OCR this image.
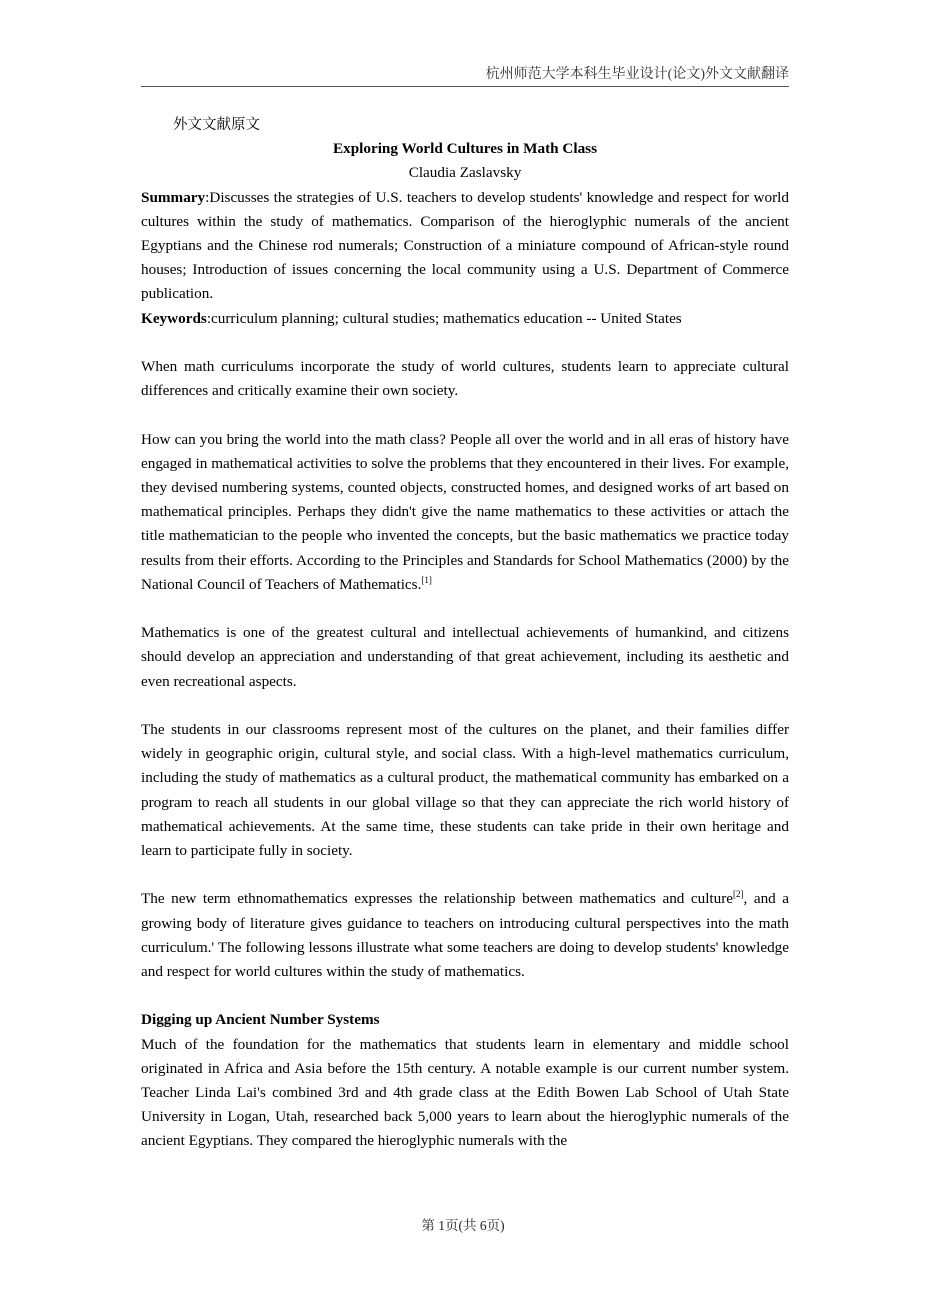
杭州师范大学本科生毕业设计(论文)外文文献翻译
外文文献原文
Exploring World Cultures in Math Class
Claudia Zaslavsky

Summary:Discusses the strategies of U.S. teachers to develop students' knowledge and respect for world cultures within the study of mathematics. Comparison of the hieroglyphic numerals of the ancient Egyptians and the Chinese rod numerals; Construction of a miniature compound of African-style round houses; Introduction of issues concerning the local community using a U.S. Department of Commerce publication.

Keywords:curriculum planning; cultural studies; mathematics education -- United States

When math curriculums incorporate the study of world cultures, students learn to appreciate cultural differences and critically examine their own society.

How can you bring the world into the math class? People all over the world and in all eras of history have engaged in mathematical activities to solve the problems that they encountered in their lives. For example, they devised numbering systems, counted objects, constructed homes, and designed works of art based on mathematical principles. Perhaps they didn't give the name mathematics to these activities or attach the title mathematician to the people who invented the concepts, but the basic mathematics we practice today results from their efforts. According to the Principles and Standards for School Mathematics (2000) by the National Council of Teachers of Mathematics.[1]

Mathematics is one of the greatest cultural and intellectual achievements of humankind, and citizens should develop an appreciation and understanding of that great achievement, including its aesthetic and even recreational aspects.

The students in our classrooms represent most of the cultures on the planet, and their families differ widely in geographic origin, cultural style, and social class. With a high-level mathematics curriculum, including the study of mathematics as a cultural product, the mathematical community has embarked on a program to reach all students in our global village so that they can appreciate the rich world history of mathematical achievements. At the same time, these students can take pride in their own heritage and learn to participate fully in society.

The new term ethnomathematics expresses the relationship between mathematics and culture[2], and a growing body of literature gives guidance to teachers on introducing cultural perspectives into the math curriculum.' The following lessons illustrate what some teachers are doing to develop students' knowledge and respect for world cultures within the study of mathematics.

Digging up Ancient Number Systems

Much of the foundation for the mathematics that students learn in elementary and middle school originated in Africa and Asia before the 15th century. A notable example is our current number system. Teacher Linda Lai's combined 3rd and 4th grade class at the Edith Bowen Lab School of Utah State University in Logan, Utah, researched back 5,000 years to learn about the hieroglyphic numerals of the ancient Egyptians. They compared the hieroglyphic numerals with the

第 1页(共 6页)
